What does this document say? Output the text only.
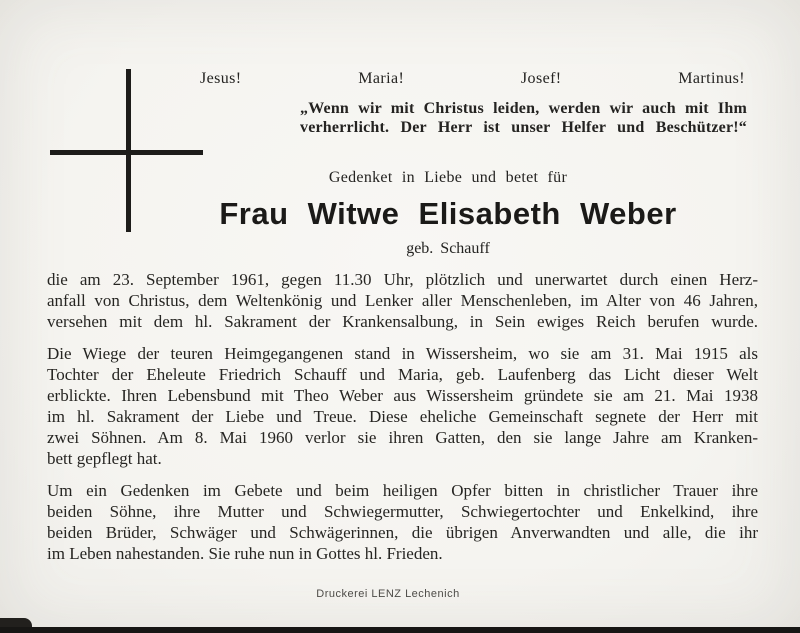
Jesus!	Maria!	Josef!	Martinus!
„Wenn wir mit Christus leiden, werden wir auch mit Ihm
verherrlicht. Der Herr ist unser Helfer und Beschützer!“
Gedenket in Liebe und betet für
Frau Witwe Elisabeth Weber
geb. Schauff
die am 23. September 1961, gegen 11.30 Uhr, plötzlich und unerwartet durch einen Herz-
anfall von Christus, dem Weltenkönig und Lenker aller Menschenleben, im Alter von 46 Jahren,
versehen mit dem hl. Sakrament der Krankensalbung, in Sein ewiges Reich berufen wurde.
Die Wiege der teuren Heimgegangenen stand in Wissersheim, wo sie am 31. Mai 1915 als
Tochter der Eheleute Friedrich Schauff und Maria, geb. Laufenberg das Licht dieser Welt
erblickte. Ihren Lebensbund mit Theo Weber aus Wissersheim gründete sie am 21. Mai 1938
im hl. Sakrament der Liebe und Treue. Diese eheliche Gemeinschaft segnete der Herr mit
zwei Söhnen. Am 8. Mai 1960 verlor sie ihren Gatten, den sie lange Jahre am Kranken-
bett gepflegt hat.
Um ein Gedenken im Gebete und beim heiligen Opfer bitten in christlicher Trauer ihre
beiden Söhne, ihre Mutter und Schwiegermutter, Schwiegertochter und Enkelkind, ihre
beiden Brüder, Schwäger und Schwägerinnen, die übrigen Anverwandten und alle, die ihr
im Leben nahestanden. Sie ruhe nun in Gottes hl. Frieden.
Druckerei LENZ Lechenich
